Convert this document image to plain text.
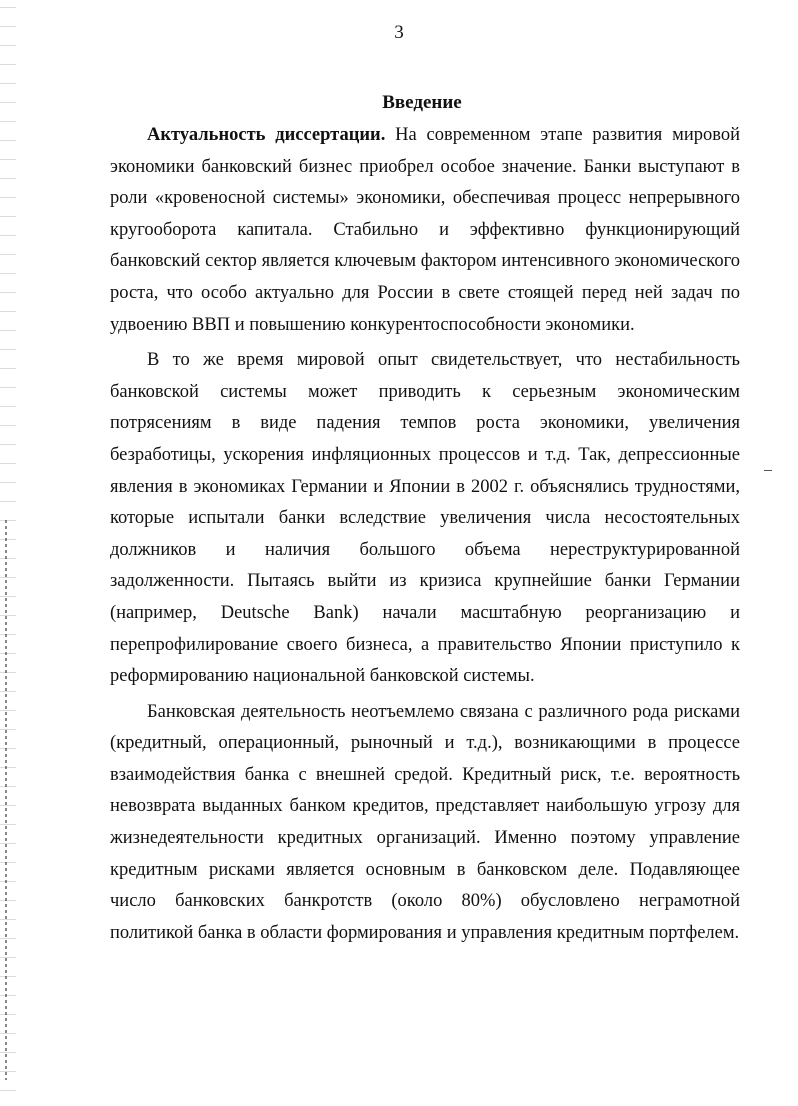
3
Введение

Актуальность диссертации. На современном этапе развития мировой экономики банковский бизнес приобрел особое значение. Банки выступают в роли «кровеносной системы» экономики, обеспечивая процесс непрерывного кругооборота капитала. Стабильно и эффективно функционирующий банковский сектор является ключевым фактором интенсивного экономического роста, что особо актуально для России в свете стоящей перед ней задач по удвоению ВВП и повышению конкурентоспособности экономики.

В то же время мировой опыт свидетельствует, что нестабильность банковской системы может приводить к серьезным экономическим потрясениям в виде падения темпов роста экономики, увеличения безработицы, ускорения инфляционных процессов и т.д. Так, депрессионные явления в экономиках Германии и Японии в 2002 г. объяснялись трудностями, которые испытали банки вследствие увеличения числа несостоятельных должников и наличия большого объема нереструктурированной задолженности. Пытаясь выйти из кризиса крупнейшие банки Германии (например, Deutsche Bank) начали масштабную реорганизацию и перепрофилирование своего бизнеса, а правительство Японии приступило к реформированию национальной банковской системы.

Банковская деятельность неотъемлемо связана с различного рода рисками (кредитный, операционный, рыночный и т.д.), возникающими в процессе взаимодействия банка с внешней средой. Кредитный риск, т.е. вероятность невозврата выданных банком кредитов, представляет наибольшую угрозу для жизнедеятельности кредитных организаций. Именно поэтому управление кредитным рисками является основным в банковском деле. Подавляющее число банковских банкротств (около 80%) обусловлено неграмотной политикой банка в области формирования и управления кредитным портфелем.
